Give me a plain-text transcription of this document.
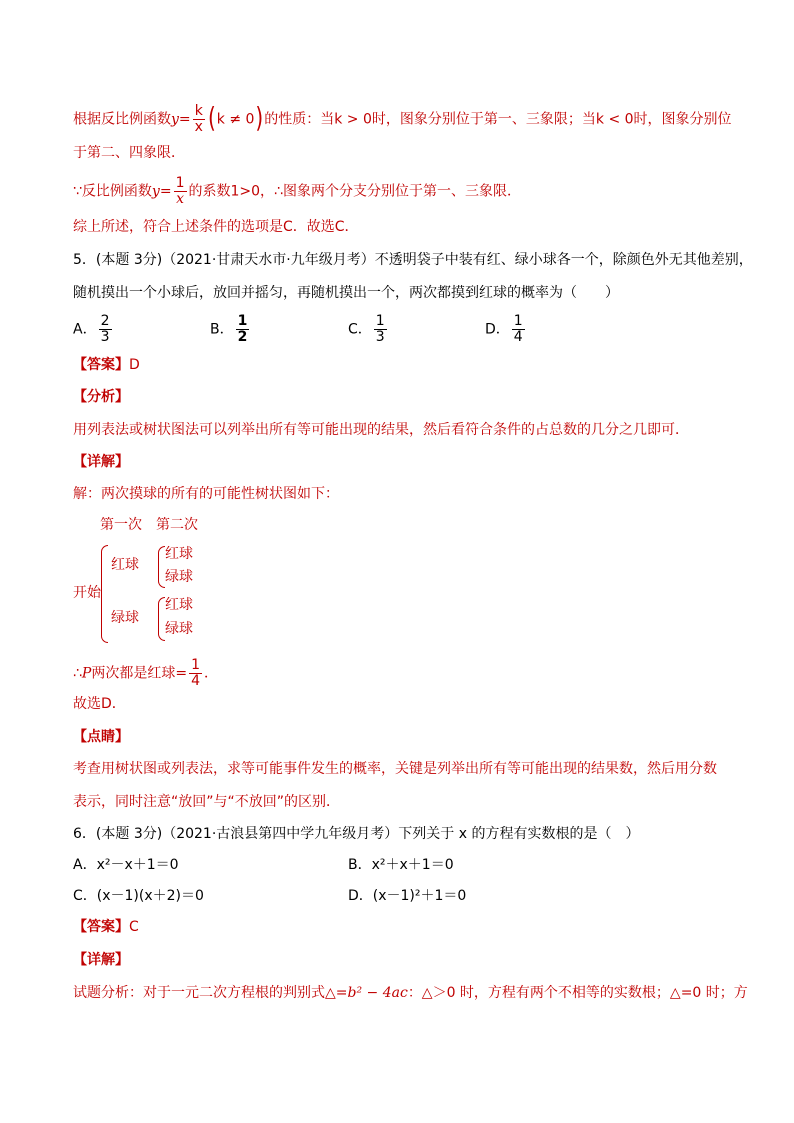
根据反比例函数$y= \frac{k}{x} (k \ne 0)$的性质：当k > 0时，图象分别位于第一、三象限；当k < 0时，图象分别位
于第二、四象限．
∵反比例函数$y= \frac{1}{x}$ 的系数1>0，∴图象两个分支分别位于第一、三象限．
综上所述，符合上述条件的选项是C．故选C．
5．(本题 3分)（2021·甘肃天水市·九年级月考）不透明袋子中装有红、绿小球各一个，除颜色外无其他差别，
随机摸出一个小球后，放回并摇匀，再随机摸出一个，两次都摸到红球的概率为（　　）
A． $\frac{2}{3}$	B． $\frac{1}{2}$	C． $\frac{1}{3}$	D． $\frac{1}{4}$
【答案】D
【分析】
用列表法或树状图法可以列举出所有等可能出现的结果，然后看符合条件的占总数的几分之几即可．
【详解】
解：两次摸球的所有的可能性树状图如下：
第一次 第二次
开始
红球
绿球
红球
绿球
红球
绿球
∴P两次都是红球= $\frac{1}{4}$ ．
故选D．
【点睛】
考查用树状图或列表法，求等可能事件发生的概率，关键是列举出所有等可能出现的结果数，然后用分数
表示，同时注意“放回”与“不放回”的区别．
6．(本题 3分)（2021·古浪县第四中学九年级月考）下列关于 x 的方程有实数根的是（　）
A．x²－x＋1＝0	B．x²＋x＋1＝0
C．(x－1)(x＋2)＝0	D．(x－1)²＋1＝0
【答案】C
【详解】
试题分析：对于一元二次方程根的判别式△=b² − 4ac：△＞0 时，方程有两个不相等的实数根；△=0 时；方
